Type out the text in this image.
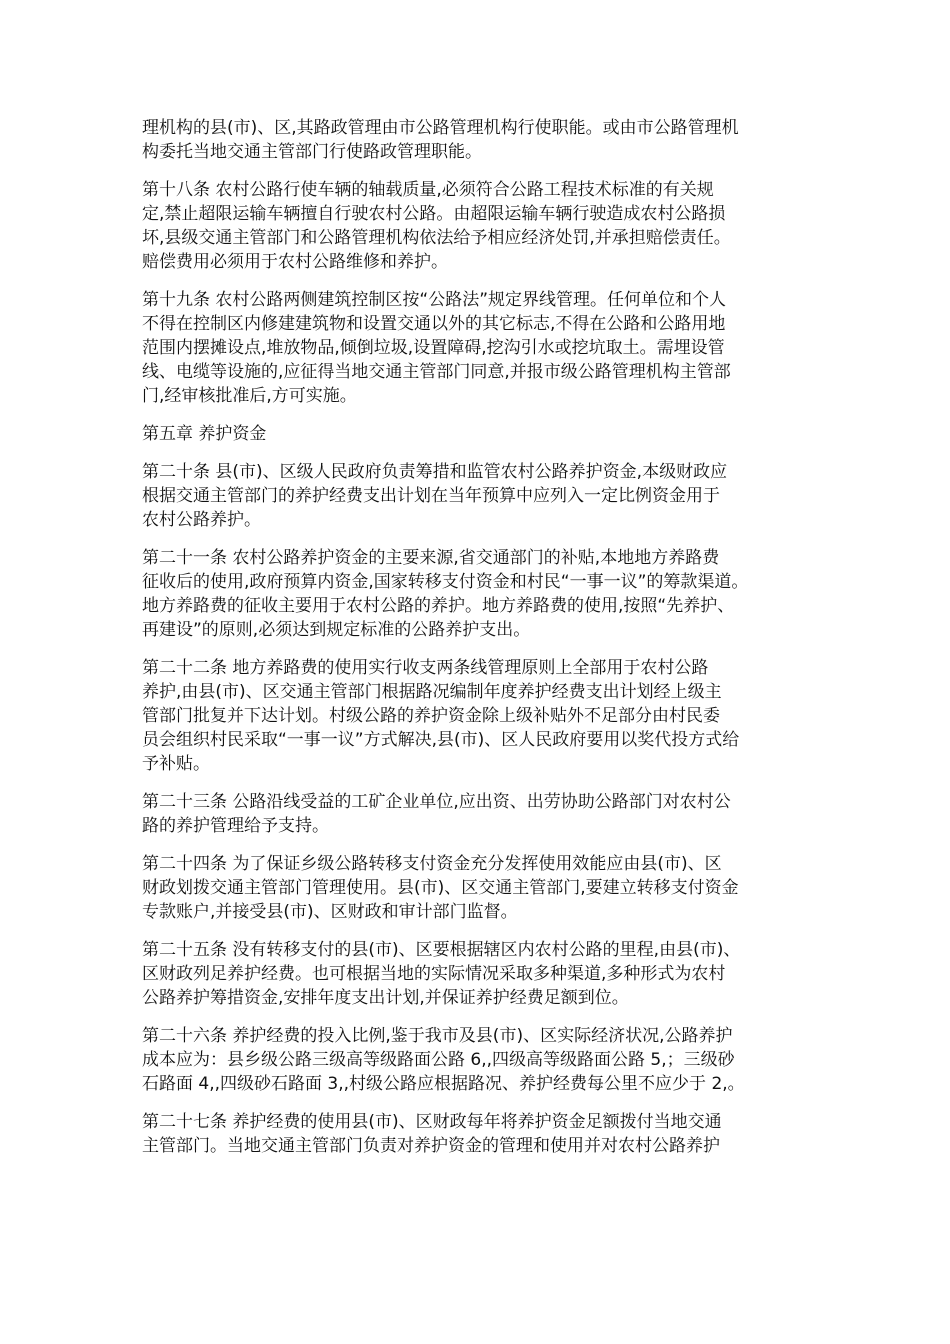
理机构的县(市)、区,其路政管理由市公路管理机构行使职能。或由市公路管理机
构委托当地交通主管部门行使路政管理职能。

第十八条 农村公路行使车辆的轴载质量,必须符合公路工程技术标准的有关规
定,禁止超限运输车辆擅自行驶农村公路。由超限运输车辆行驶造成农村公路损
坏,县级交通主管部门和公路管理机构依法给予相应经济处罚,并承担赔偿责任。
赔偿费用必须用于农村公路维修和养护。

第十九条 农村公路两侧建筑控制区按“公路法”规定界线管理。任何单位和个人
不得在控制区内修建建筑物和设置交通以外的其它标志,不得在公路和公路用地
范围内摆摊设点,堆放物品,倾倒垃圾,设置障碍,挖沟引水或挖坑取土。需埋设管
线、电缆等设施的,应征得当地交通主管部门同意,并报市级公路管理机构主管部
门,经审核批准后,方可实施。

第五章 养护资金

第二十条 县(市)、区级人民政府负责筹措和监管农村公路养护资金,本级财政应
根据交通主管部门的养护经费支出计划在当年预算中应列入一定比例资金用于
农村公路养护。

第二十一条 农村公路养护资金的主要来源,省交通部门的补贴,本地地方养路费
征收后的使用,政府预算内资金,国家转移支付资金和村民“一事一议”的筹款渠道。
地方养路费的征收主要用于农村公路的养护。地方养路费的使用,按照“先养护、
再建设”的原则,必须达到规定标准的公路养护支出。

第二十二条 地方养路费的使用实行收支两条线管理原则上全部用于农村公路
养护,由县(市)、区交通主管部门根据路况编制年度养护经费支出计划经上级主
管部门批复并下达计划。村级公路的养护资金除上级补贴外不足部分由村民委
员会组织村民采取“一事一议”方式解决,县(市)、区人民政府要用以奖代投方式给
予补贴。

第二十三条 公路沿线受益的工矿企业单位,应出资、出劳协助公路部门对农村公
路的养护管理给予支持。

第二十四条 为了保证乡级公路转移支付资金充分发挥使用效能应由县(市)、区
财政划拨交通主管部门管理使用。县(市)、区交通主管部门,要建立转移支付资金
专款账户,并接受县(市)、区财政和审计部门监督。

第二十五条 没有转移支付的县(市)、区要根据辖区内农村公路的里程,由县(市)、
区财政列足养护经费。也可根据当地的实际情况采取多种渠道,多种形式为农村
公路养护筹措资金,安排年度支出计划,并保证养护经费足额到位。

第二十六条 养护经费的投入比例,鉴于我市及县(市)、区实际经济状况,公路养护
成本应为：县乡级公路三级高等级路面公路 6,,四级高等级路面公路 5,；三级砂
石路面 4,,四级砂石路面 3,,村级公路应根据路况、养护经费每公里不应少于 2,。

第二十七条 养护经费的使用县(市)、区财政每年将养护资金足额拨付当地交通
主管部门。当地交通主管部门负责对养护资金的管理和使用并对农村公路养护
